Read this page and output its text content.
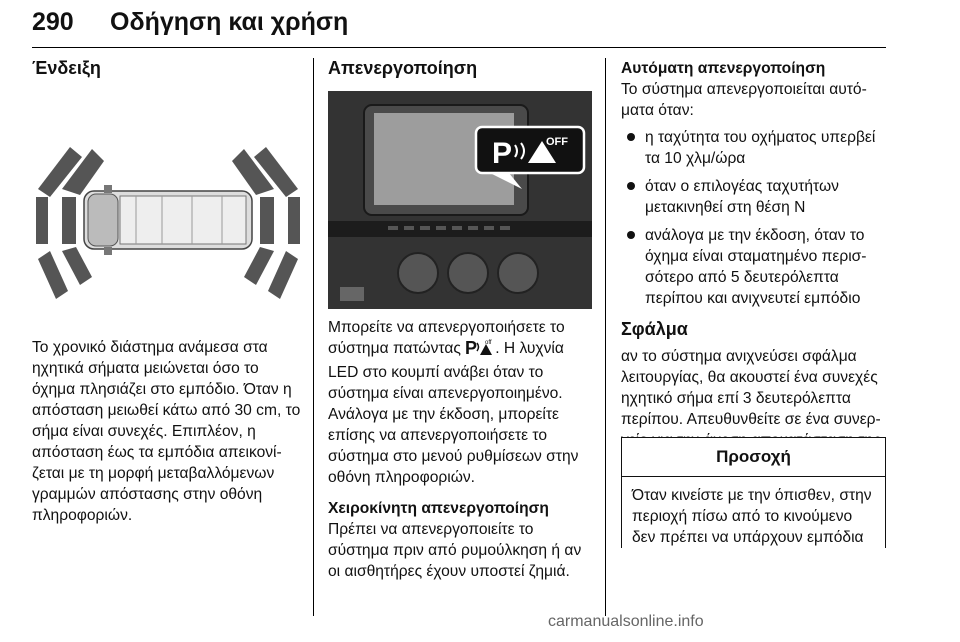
290 Οδήγηση και χρήση
Ένδειξη

Το χρονικό διάστημα ανάμεσα στα ηχητικά σήματα μειώνεται όσο το όχημα πλησιάζει στο εμπόδιο. Όταν η απόσταση μειωθεί κάτω από 30 cm, το σήμα είναι συνεχές. Επιπλέον, η απόσταση έως τα εμπόδια απεικονί-ζεται με τη μορφή μεταβαλλόμενων γραμμών απόστασης στην οθόνη πληροφοριών.

Απενεργοποίηση
P	OFF

Μπορείτε να απενεργοποιήσετε το σύστημα πατώντας P off . Η λυχνία LED στο κουμπί ανάβει όταν το σύστημα είναι απενεργοποιημένο. Ανάλογα με την έκδοση, μπορείτε επίσης να απενεργοποιήσετε το σύστημα στο μενού ρυθμίσεων στην οθόνη πληροφοριών.

Χειροκίνητη απενεργοποίηση

Πρέπει να απενεργοποιείτε το σύστημα πριν από ρυμούλκηση ή αν οι αισθητήρες έχουν υποστεί ζημιά.

Αυτόματη απενεργοποίηση

Το σύστημα απενεργοποιείται αυτό-ματα όταν:

η ταχύτητα του οχήματος υπερβεί τα 10 χλμ/ώρα
όταν ο επιλογέας ταχυτήτων μετακινηθεί στη θέση N
ανάλογα με την έκδοση, όταν το όχημα είναι σταματημένο περισ-σότερο από 5 δευτερόλεπτα περίπου και ανιχνευτεί εμπόδιο
Σφάλμα

αν το σύστημα ανιχνεύσει σφάλμα λειτουργίας, θα ακουστεί ένα συνεχές ηχητικό σήμα επί 3 δευτερόλεπτα περίπου. Απευθυνθείτε σε ένα συνερ-

Προσοχή
Όταν κινείστε με την όπισθεν, στην περιοχή πίσω από το κινούμενο δεν πρέπει να υπάρχουν εμπόδια
carmanualsonline.info
